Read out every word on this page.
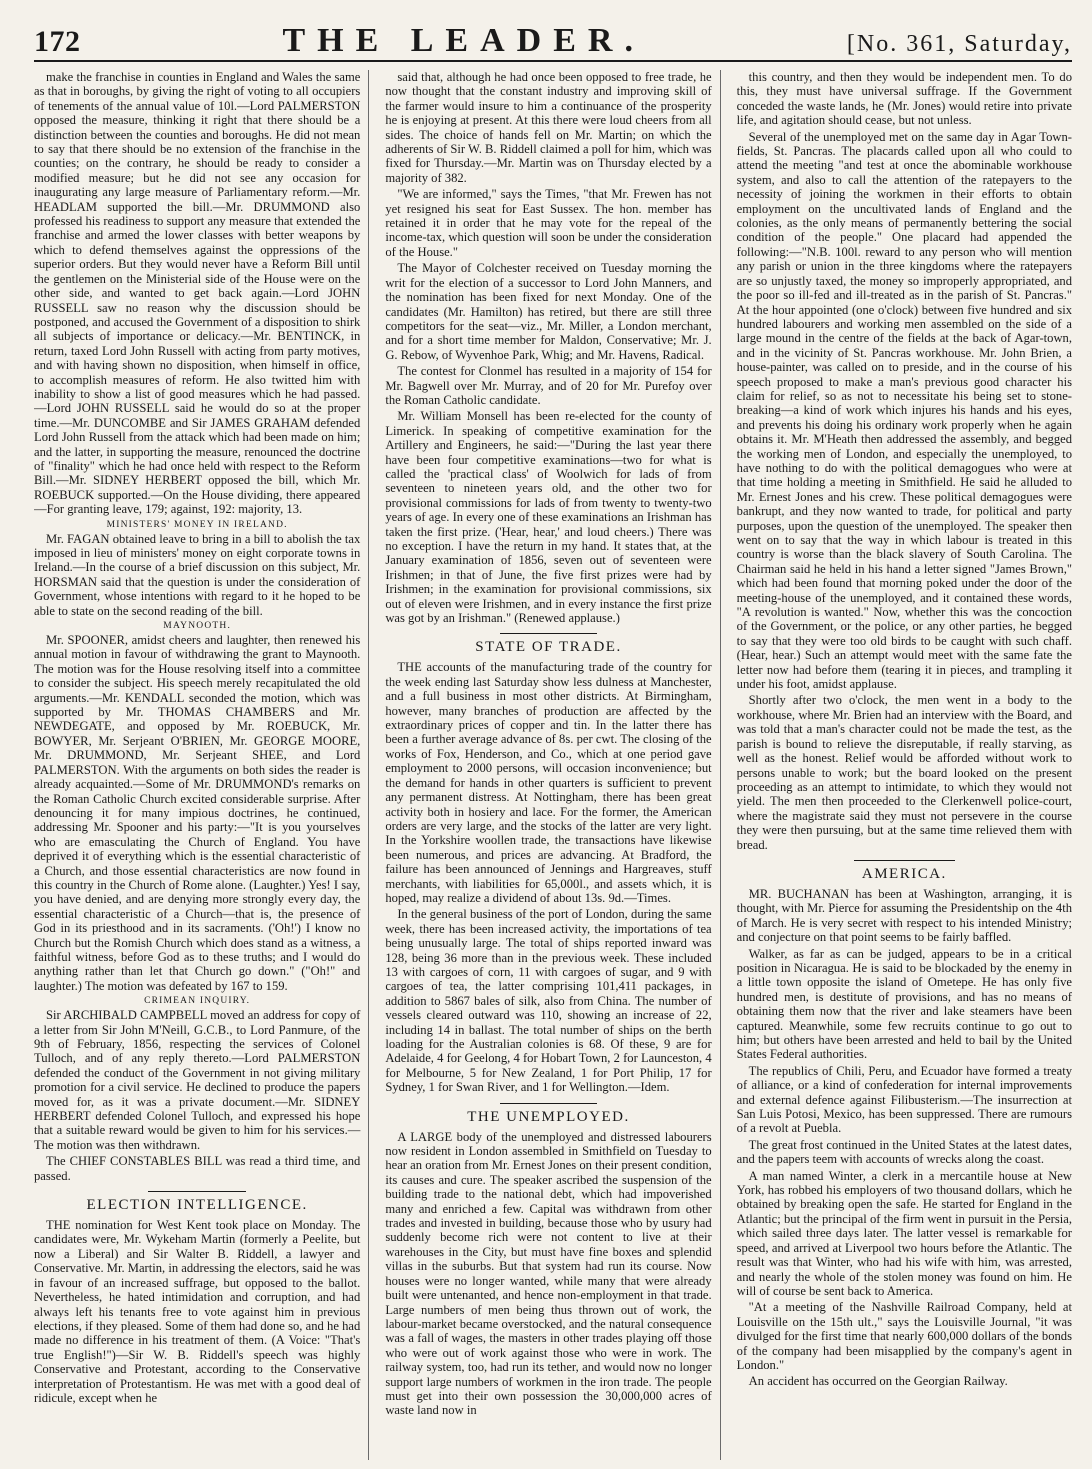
172	THE LEADER.	[No. 361, Saturday,

make the franchise in counties in England and Wales the same as that in boroughs, by giving the right of voting to all occupiers of tenements of the annual value of 10l.—Lord PALMERSTON opposed the measure, thinking it right that there should be a distinction between the counties and boroughs. He did not mean to say that there should be no extension of the franchise in the counties; on the contrary, he should be ready to consider a modified measure; but he did not see any occasion for inaugurating any large measure of Parliamentary reform.—Mr. HEADLAM supported the bill.—Mr. DRUMMOND also professed his readiness to support any measure that extended the franchise and armed the lower classes with better weapons by which to defend themselves against the oppressions of the superior orders. But they would never have a Reform Bill until the gentlemen on the Ministerial side of the House were on the other side, and wanted to get back again.—Lord JOHN RUSSELL saw no reason why the discussion should be postponed, and accused the Government of a disposition to shirk all subjects of importance or delicacy.—Mr. BENTINCK, in return, taxed Lord John Russell with acting from party motives, and with having shown no disposition, when himself in office, to accomplish measures of reform. He also twitted him with inability to show a list of good measures which he had passed.—Lord JOHN RUSSELL said he would do so at the proper time.—Mr. DUNCOMBE and Sir JAMES GRAHAM defended Lord John Russell from the attack which had been made on him; and the latter, in supporting the measure, renounced the doctrine of "finality" which he had once held with respect to the Reform Bill.—Mr. SIDNEY HERBERT opposed the bill, which Mr. ROEBUCK supported.—On the House dividing, there appeared—For granting leave, 179; against, 192: majority, 13.

MINISTERS' MONEY IN IRELAND.

Mr. FAGAN obtained leave to bring in a bill to abolish the tax imposed in lieu of ministers' money on eight corporate towns in Ireland.—In the course of a brief discussion on this subject, Mr. HORSMAN said that the question is under the consideration of Government, whose intentions with regard to it he hoped to be able to state on the second reading of the bill.

MAYNOOTH.

Mr. SPOONER, amidst cheers and laughter, then renewed his annual motion in favour of withdrawing the grant to Maynooth. The motion was for the House resolving itself into a committee to consider the subject. His speech merely recapitulated the old arguments.—Mr. KENDALL seconded the motion, which was supported by Mr. THOMAS CHAMBERS and Mr. NEWDEGATE, and opposed by Mr. ROEBUCK, Mr. BOWYER, Mr. Serjeant O'BRIEN, Mr. GEORGE MOORE, Mr. DRUMMOND, Mr. Serjeant SHEE, and Lord PALMERSTON. With the arguments on both sides the reader is already acquainted.—Some of Mr. DRUMMOND's remarks on the Roman Catholic Church excited considerable surprise. After denouncing it for many impious doctrines, he continued, addressing Mr. Spooner and his party:—"It is you yourselves who are emasculating the Church of England. You have deprived it of everything which is the essential characteristic of a Church, and those essential characteristics are now found in this country in the Church of Rome alone. (Laughter.) Yes! I say, you have denied, and are denying more strongly every day, the essential characteristic of a Church—that is, the presence of God in its priesthood and in its sacraments. ('Oh!') I know no Church but the Romish Church which does stand as a witness, a faithful witness, before God as to these truths; and I would do anything rather than let that Church go down." ("Oh!" and laughter.) The motion was defeated by 167 to 159.

CRIMEAN INQUIRY.

Sir ARCHIBALD CAMPBELL moved an address for copy of a letter from Sir John M'Neill, G.C.B., to Lord Panmure, of the 9th of February, 1856, respecting the services of Colonel Tulloch, and of any reply thereto.—Lord PALMERSTON defended the conduct of the Government in not giving military promotion for a civil service. He declined to produce the papers moved for, as it was a private document.—Mr. SIDNEY HERBERT defended Colonel Tulloch, and expressed his hope that a suitable reward would be given to him for his services.—The motion was then withdrawn.

The CHIEF CONSTABLES BILL was read a third time, and passed.

ELECTION INTELLIGENCE.

THE nomination for West Kent took place on Monday. The candidates were, Mr. Wykeham Martin (formerly a Peelite, but now a Liberal) and Sir Walter B. Riddell, a lawyer and Conservative. Mr. Martin, in addressing the electors, said he was in favour of an increased suffrage, but opposed to the ballot. Nevertheless, he hated intimidation and corruption, and had always left his tenants free to vote against him in previous elections, if they pleased. Some of them had done so, and he had made no difference in his treatment of them. (A Voice: "That's true English!")—Sir W. B. Riddell's speech was highly Conservative and Protestant, according to the Conservative interpretation of Protestantism. He was met with a good deal of ridicule, except when he

said that, although he had once been opposed to free trade, he now thought that the constant industry and improving skill of the farmer would insure to him a continuance of the prosperity he is enjoying at present. At this there were loud cheers from all sides. The choice of hands fell on Mr. Martin; on which the adherents of Sir W. B. Riddell claimed a poll for him, which was fixed for Thursday.—Mr. Martin was on Thursday elected by a majority of 382.

"We are informed," says the Times, "that Mr. Frewen has not yet resigned his seat for East Sussex. The hon. member has retained it in order that he may vote for the repeal of the income-tax, which question will soon be under the consideration of the House."

The Mayor of Colchester received on Tuesday morning the writ for the election of a successor to Lord John Manners, and the nomination has been fixed for next Monday. One of the candidates (Mr. Hamilton) has retired, but there are still three competitors for the seat—viz., Mr. Miller, a London merchant, and for a short time member for Maldon, Conservative; Mr. J. G. Rebow, of Wyvenhoe Park, Whig; and Mr. Havens, Radical.

The contest for Clonmel has resulted in a majority of 154 for Mr. Bagwell over Mr. Murray, and of 20 for Mr. Purefoy over the Roman Catholic candidate.

Mr. William Monsell has been re-elected for the county of Limerick. In speaking of competitive examination for the Artillery and Engineers, he said:—"During the last year there have been four competitive examinations—two for what is called the 'practical class' of Woolwich for lads of from seventeen to nineteen years old, and the other two for provisional commissions for lads of from twenty to twenty-two years of age. In every one of these examinations an Irishman has taken the first prize. ('Hear, hear,' and loud cheers.) There was no exception. I have the return in my hand. It states that, at the January examination of 1856, seven out of seventeen were Irishmen; in that of June, the five first prizes were had by Irishmen; in the examination for provisional commissions, six out of eleven were Irishmen, and in every instance the first prize was got by an Irishman." (Renewed applause.)

STATE OF TRADE.

THE accounts of the manufacturing trade of the country for the week ending last Saturday show less dulness at Manchester, and a full business in most other districts. At Birmingham, however, many branches of production are affected by the extraordinary prices of copper and tin. In the latter there has been a further average advance of 8s. per cwt. The closing of the works of Fox, Henderson, and Co., which at one period gave employment to 2000 persons, will occasion inconvenience; but the demand for hands in other quarters is sufficient to prevent any permanent distress. At Nottingham, there has been great activity both in hosiery and lace. For the former, the American orders are very large, and the stocks of the latter are very light. In the Yorkshire woollen trade, the transactions have likewise been numerous, and prices are advancing. At Bradford, the failure has been announced of Jennings and Hargreaves, stuff merchants, with liabilities for 65,000l., and assets which, it is hoped, may realize a dividend of about 13s. 9d.—Times.

In the general business of the port of London, during the same week, there has been increased activity, the importations of tea being unusually large. The total of ships reported inward was 128, being 36 more than in the previous week. These included 13 with cargoes of corn, 11 with cargoes of sugar, and 9 with cargoes of tea, the latter comprising 101,411 packages, in addition to 5867 bales of silk, also from China. The number of vessels cleared outward was 110, showing an increase of 22, including 14 in ballast. The total number of ships on the berth loading for the Australian colonies is 68. Of these, 9 are for Adelaide, 4 for Geelong, 4 for Hobart Town, 2 for Launceston, 4 for Melbourne, 5 for New Zealand, 1 for Port Philip, 17 for Sydney, 1 for Swan River, and 1 for Wellington.—Idem.

THE UNEMPLOYED.

A LARGE body of the unemployed and distressed labourers now resident in London assembled in Smithfield on Tuesday to hear an oration from Mr. Ernest Jones on their present condition, its causes and cure. The speaker ascribed the suspension of the building trade to the national debt, which had impoverished many and enriched a few. Capital was withdrawn from other trades and invested in building, because those who by usury had suddenly become rich were not content to live at their warehouses in the City, but must have fine boxes and splendid villas in the suburbs. But that system had run its course. Now houses were no longer wanted, while many that were already built were untenanted, and hence non-employment in that trade. Large numbers of men being thus thrown out of work, the labour-market became overstocked, and the natural consequence was a fall of wages, the masters in other trades playing off those who were out of work against those who were in work. The railway system, too, had run its tether, and would now no longer support large numbers of workmen in the iron trade. The people must get into their own possession the 30,000,000 acres of waste land now in

this country, and then they would be independent men. To do this, they must have universal suffrage. If the Government conceded the waste lands, he (Mr. Jones) would retire into private life, and agitation should cease, but not unless.

Several of the unemployed met on the same day in Agar Town-fields, St. Pancras. The placards called upon all who could to attend the meeting "and test at once the abominable workhouse system, and also to call the attention of the ratepayers to the necessity of joining the workmen in their efforts to obtain employment on the uncultivated lands of England and the colonies, as the only means of permanently bettering the social condition of the people." One placard had appended the following:—"N.B. 100l. reward to any person who will mention any parish or union in the three kingdoms where the ratepayers are so unjustly taxed, the money so improperly appropriated, and the poor so ill-fed and ill-treated as in the parish of St. Pancras." At the hour appointed (one o'clock) between five hundred and six hundred labourers and working men assembled on the side of a large mound in the centre of the fields at the back of Agar-town, and in the vicinity of St. Pancras workhouse. Mr. John Brien, a house-painter, was called on to preside, and in the course of his speech proposed to make a man's previous good character his claim for relief, so as not to necessitate his being set to stone-breaking—a kind of work which injures his hands and his eyes, and prevents his doing his ordinary work properly when he again obtains it. Mr. M'Heath then addressed the assembly, and begged the working men of London, and especially the unemployed, to have nothing to do with the political demagogues who were at that time holding a meeting in Smithfield. He said he alluded to Mr. Ernest Jones and his crew. These political demagogues were bankrupt, and they now wanted to trade, for political and party purposes, upon the question of the unemployed. The speaker then went on to say that the way in which labour is treated in this country is worse than the black slavery of South Carolina. The Chairman said he held in his hand a letter signed "James Brown," which had been found that morning poked under the door of the meeting-house of the unemployed, and it contained these words, "A revolution is wanted." Now, whether this was the concoction of the Government, or the police, or any other parties, he begged to say that they were too old birds to be caught with such chaff. (Hear, hear.) Such an attempt would meet with the same fate the letter now had before them (tearing it in pieces, and trampling it under his foot, amidst applause.

Shortly after two o'clock, the men went in a body to the workhouse, where Mr. Brien had an interview with the Board, and was told that a man's character could not be made the test, as the parish is bound to relieve the disreputable, if really starving, as well as the honest. Relief would be afforded without work to persons unable to work; but the board looked on the present proceeding as an attempt to intimidate, to which they would not yield. The men then proceeded to the Clerkenwell police-court, where the magistrate said they must not persevere in the course they were then pursuing, but at the same time relieved them with bread.

AMERICA.

MR. BUCHANAN has been at Washington, arranging, it is thought, with Mr. Pierce for assuming the Presidentship on the 4th of March. He is very secret with respect to his intended Ministry; and conjecture on that point seems to be fairly baffled.

Walker, as far as can be judged, appears to be in a critical position in Nicaragua. He is said to be blockaded by the enemy in a little town opposite the island of Ometepe. He has only five hundred men, is destitute of provisions, and has no means of obtaining them now that the river and lake steamers have been captured. Meanwhile, some few recruits continue to go out to him; but others have been arrested and held to bail by the United States Federal authorities.

The republics of Chili, Peru, and Ecuador have formed a treaty of alliance, or a kind of confederation for internal improvements and external defence against Filibusterism.—The insurrection at San Luis Potosi, Mexico, has been suppressed. There are rumours of a revolt at Puebla.

The great frost continued in the United States at the latest dates, and the papers teem with accounts of wrecks along the coast.

A man named Winter, a clerk in a mercantile house at New York, has robbed his employers of two thousand dollars, which he obtained by breaking open the safe. He started for England in the Atlantic; but the principal of the firm went in pursuit in the Persia, which sailed three days later. The latter vessel is remarkable for speed, and arrived at Liverpool two hours before the Atlantic. The result was that Winter, who had his wife with him, was arrested, and nearly the whole of the stolen money was found on him. He will of course be sent back to America.

"At a meeting of the Nashville Railroad Company, held at Louisville on the 15th ult.," says the Louisville Journal, "it was divulged for the first time that nearly 600,000 dollars of the bonds of the company had been misapplied by the company's agent in London."

An accident has occurred on the Georgian Railway.
